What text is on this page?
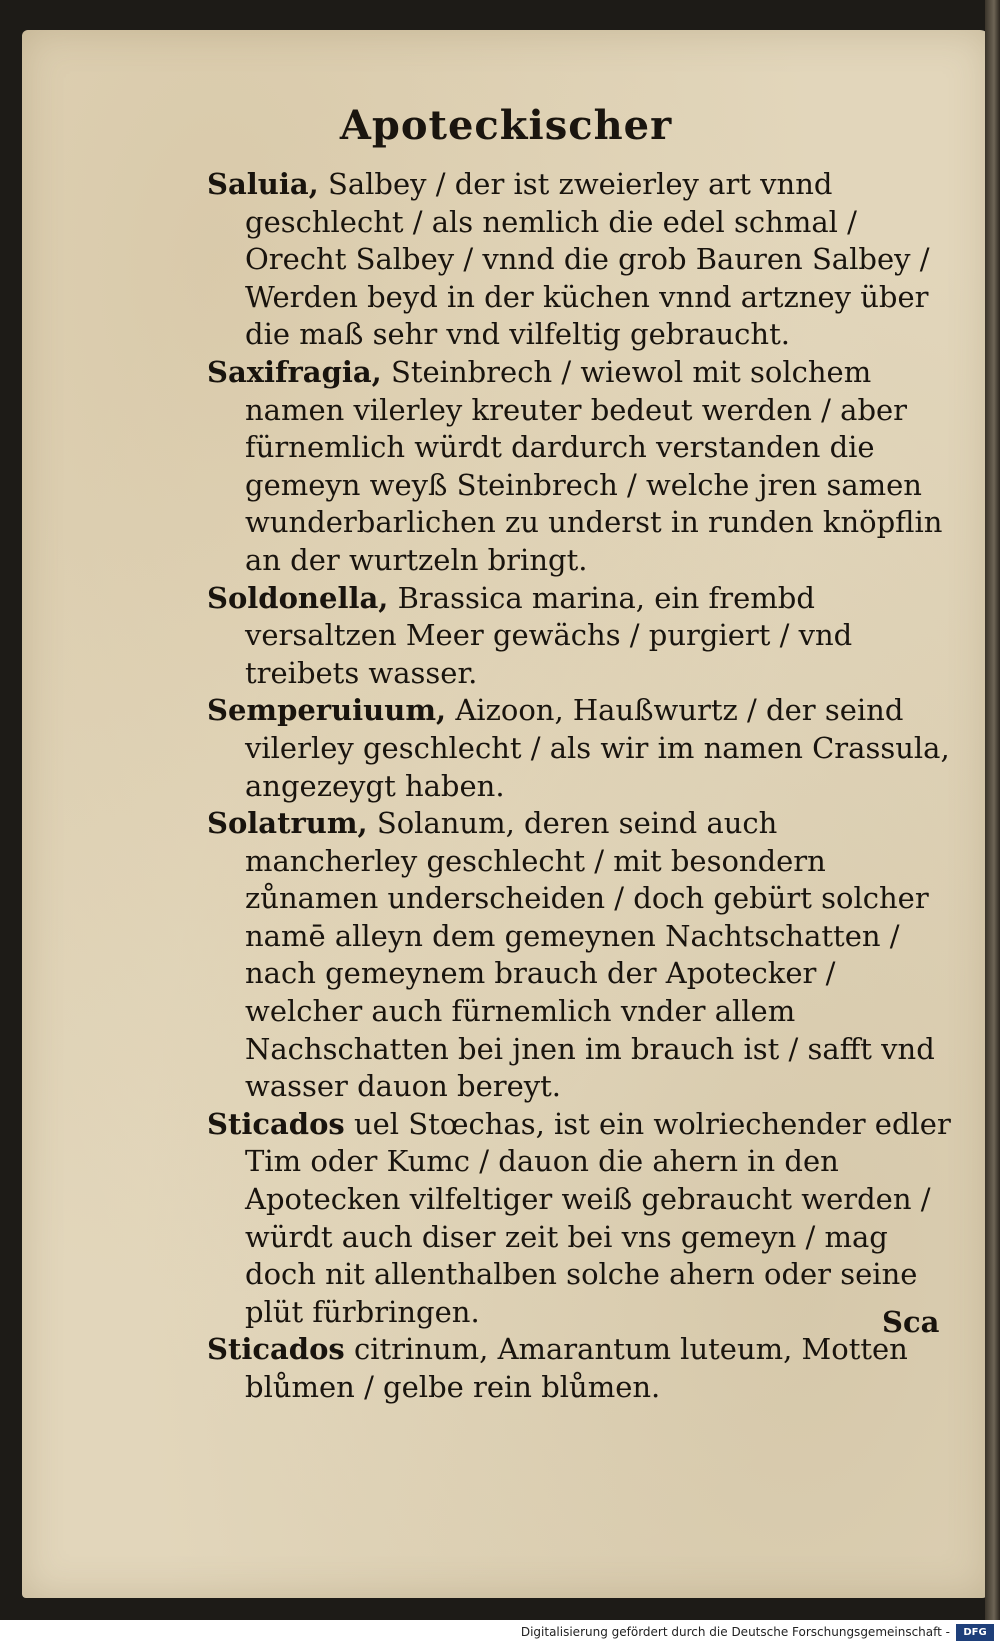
Apoteckischer

Saluia, Salbey / der ist zweierley art vnnd geschlecht / als nemlich die edel schmal / Orecht Salbey / vnnd die grob Bauren Salbey / Werden beyd in der küchen vnnd artzney über die maß sehr vnd vilfeltig gebraucht.

Saxifragia, Steinbrech / wiewol mit solchem namen vilerley kreuter bedeut werden / aber fürnemlich würdt dardurch verstanden die gemeyn weyß Steinbrech / welche jren samen wunderbarlichen zu underst in runden knöpflin an der wurtzeln bringt.

Soldonella, Brassica marina, ein frembd versaltzen Meer gewächs / purgiert / vnd treibets wasser.

Semperuiuum, Aizoon, Haußwurtz / der seind vilerley geschlecht / als wir im namen Crassula, angezeygt haben.

Solatrum, Solanum, deren seind auch mancherley geschlecht / mit besondern zůnamen underscheiden / doch gebürt solcher namē alleyn dem gemeynen Nachtschatten / nach gemeynem brauch der Apotecker / welcher auch fürnemlich vnder allem Nachschatten bei jnen im brauch ist / safft vnd wasser dauon bereyt.

Sticados uel Stœchas, ist ein wolriechender edler Tim oder Kumc / dauon die ahern in den Apotecken vilfeltiger weiß gebraucht werden / würdt auch diser zeit bei vns gemeyn / mag doch nit allenthalben solche ahern oder seine plüt fürbringen.

Sticados citrinum, Amarantum luteum, Motten blůmen / gelbe rein blůmen.

Sca
Digitalisierung gefördert durch die Deutsche Forschungsgemeinschaft -	DFG
